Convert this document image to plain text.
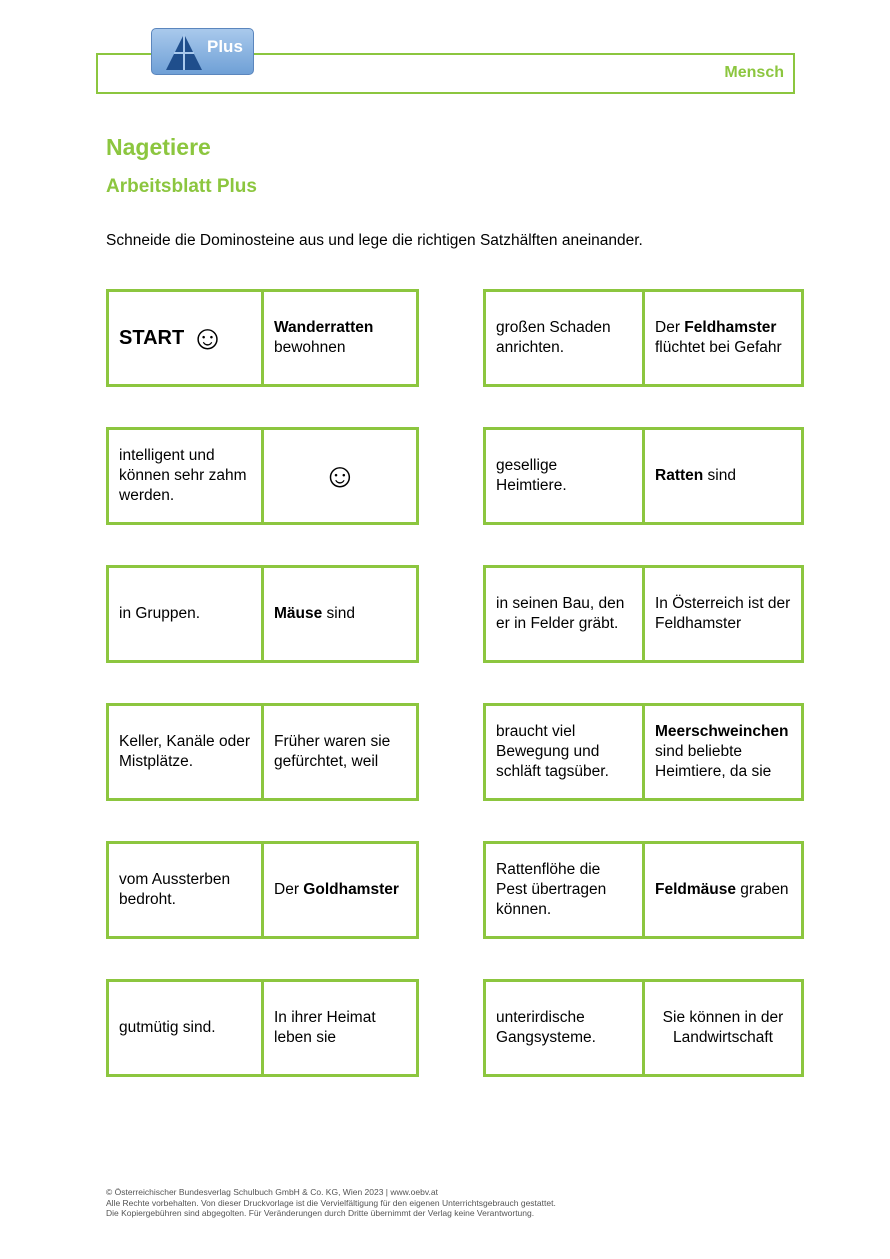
Plus
Mensch
Nagetiere
Arbeitsblatt Plus

Schneide die Dominosteine aus und lege die richtigen Satzhälften aneinander.

START ☺	Wanderratten
bewohnen
großen Schaden anrichten.
Der Feldhamster flüchtet bei Gefahr
intelligent und können sehr zahm werden.
☺	gesellige Heimtiere.
Ratten sind
in Gruppen.	Mäuse sind
in seinen Bau, den er in Felder gräbt.
In Österreich ist der Feldhamster
Keller, Kanäle oder Mistplätze.
Früher waren sie gefürchtet, weil
braucht viel Bewegung und schläft tagsüber.
Meerschweinchen sind beliebte Heimtiere, da sie
vom Aussterben bedroht.
Der Goldhamster
Rattenflöhe die Pest übertragen können.
Feldmäuse graben
gutmütig sind.
In ihrer Heimat leben sie
unterirdische Gangsysteme.
Sie können in der Landwirtschaft
© Österreichischer Bundesverlag Schulbuch GmbH & Co. KG, Wien 2023 | www.oebv.at
Alle Rechte vorbehalten. Von dieser Druckvorlage ist die Vervielfältigung für den eigenen Unterrichtsgebrauch gestattet.
Die Kopiergebühren sind abgegolten. Für Veränderungen durch Dritte übernimmt der Verlag keine Verantwortung.
